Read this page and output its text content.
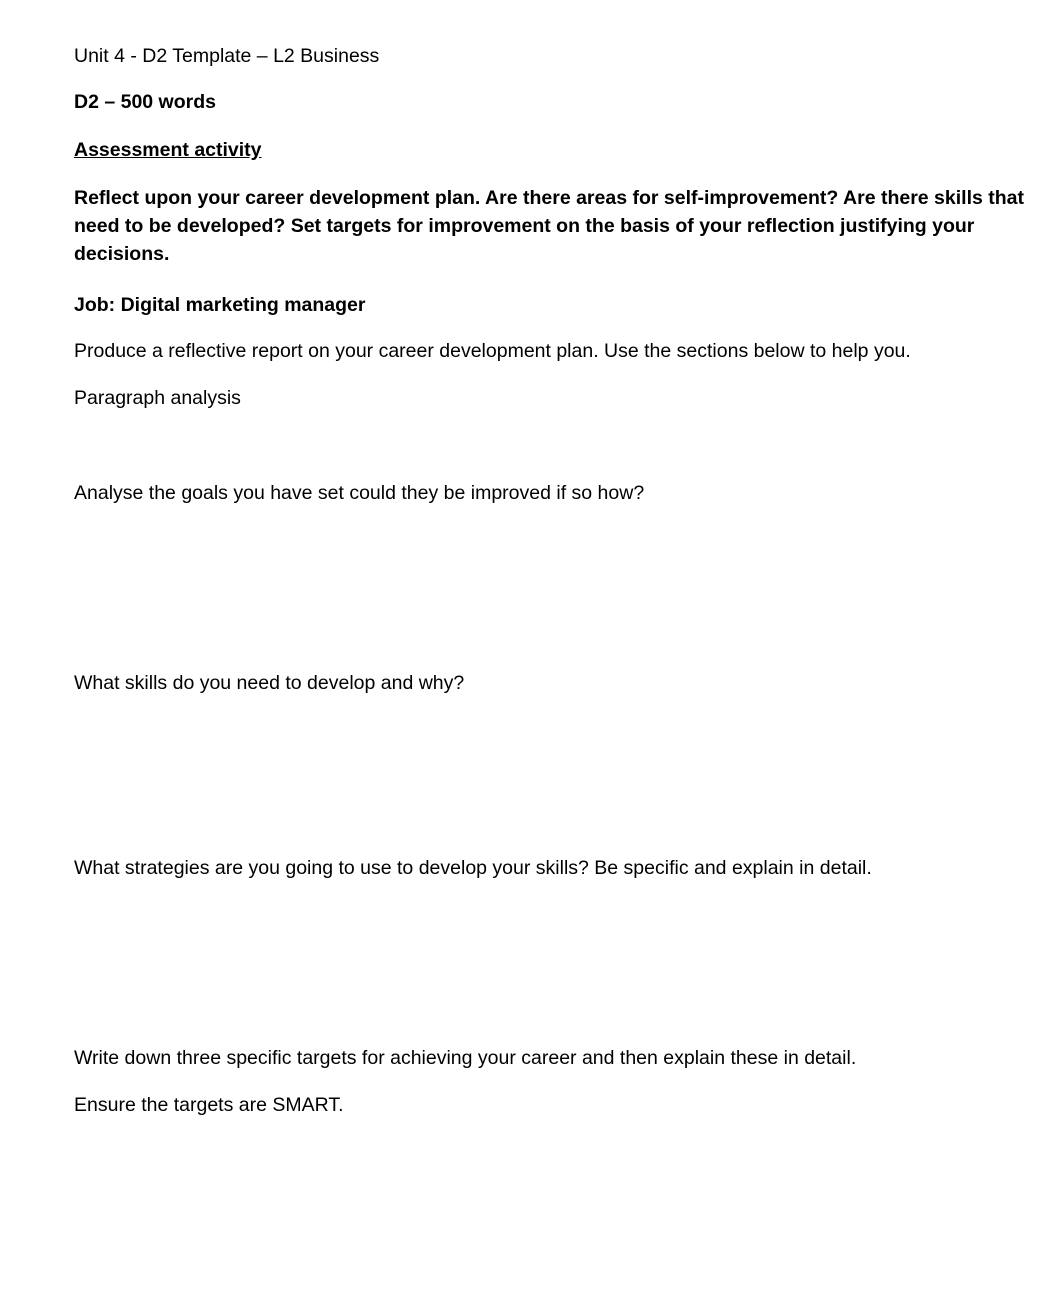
Unit 4 - D2 Template – L2 Business

D2 – 500 words

Assessment activity

Reflect upon your career development plan. Are there areas for self-improvement? Are there skills that need to be developed? Set targets for improvement on the basis of your reflection justifying your decisions.

Job: Digital marketing manager

Produce a reflective report on your career development plan. Use the sections below to help you.

Paragraph analysis

Analyse the goals you have set could they be improved if so how?

What skills do you need to develop and why?

What strategies are you going to use to develop your skills? Be specific and explain in detail.

Write down three specific targets for achieving your career and then explain these in detail.

Ensure the targets are SMART.
